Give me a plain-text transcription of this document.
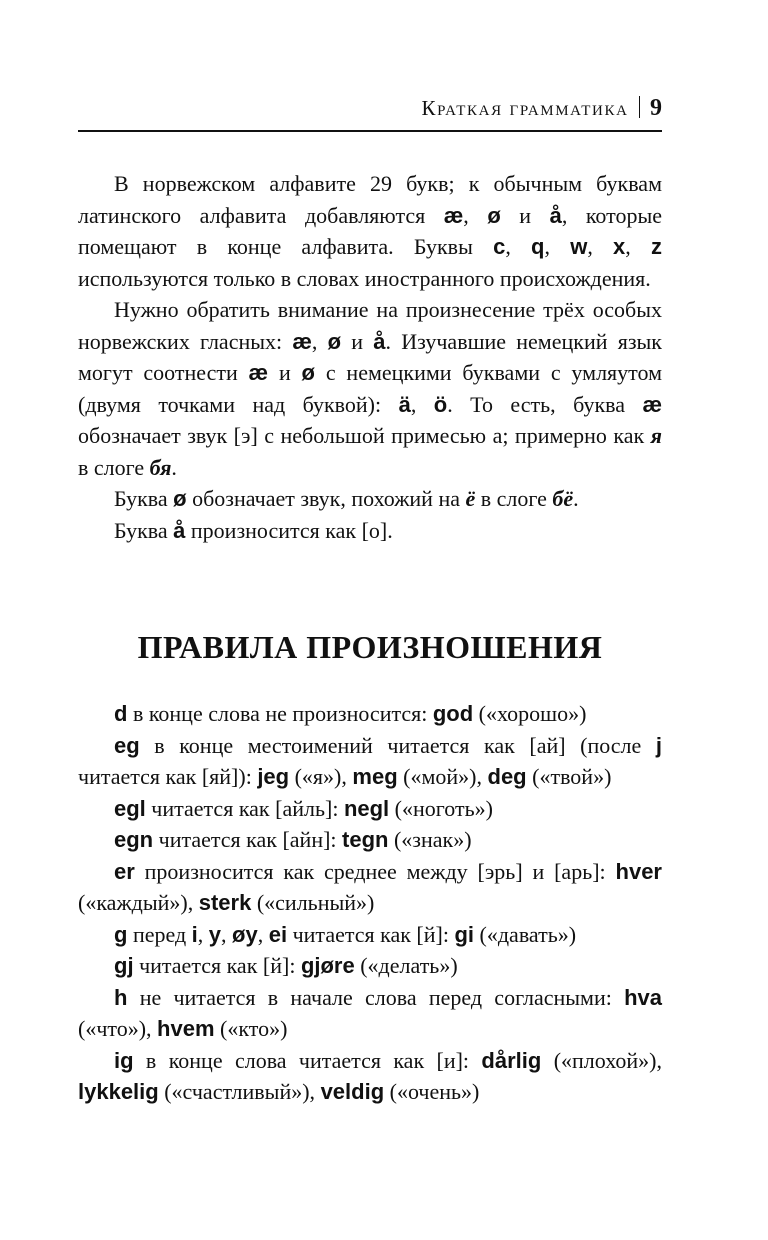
Краткая грамматика 9

В норвежском алфавите 29 букв; к обычным буквам латинского алфавита добавляются æ, ø и å, которые помещают в конце алфавита. Буквы c, q, w, x, z используются только в словах иностранного происхождения.

Нужно обратить внимание на произнесение трёх особых норвежских гласных: æ, ø и å. Изучавшие немецкий язык могут соотнести æ и ø с немецкими буквами с умляутом (двумя точками над буквой): ä, ö. То есть, буква æ обозначает звук [э] с небольшой примесью а; примерно как я в слоге бя.

Буква ø обозначает звук, похожий на ё в слоге бё.

Буква å произносится как [о].

ПРАВИЛА ПРОИЗНОШЕНИЯ

d в конце слова не произносится: god («хорошо»)

eg в конце местоимений читается как [ай] (после j читается как [яй]): jeg («я»), meg («мой»), deg («твой»)

egl читается как [айль]: negl («ноготь»)

egn читается как [айн]: tegn («знак»)

er произносится как среднее между [эрь] и [арь]: hver («каждый»), sterk («сильный»)

g перед i, y, øy, ei читается как [й]: gi («давать»)

gj читается как [й]: gjøre («делать»)

h не читается в начале слова перед согласными: hva («что»), hvem («кто»)

ig в конце слова читается как [и]: dårlig («плохой»), lykkelig («счастливый»), veldig («очень»)
